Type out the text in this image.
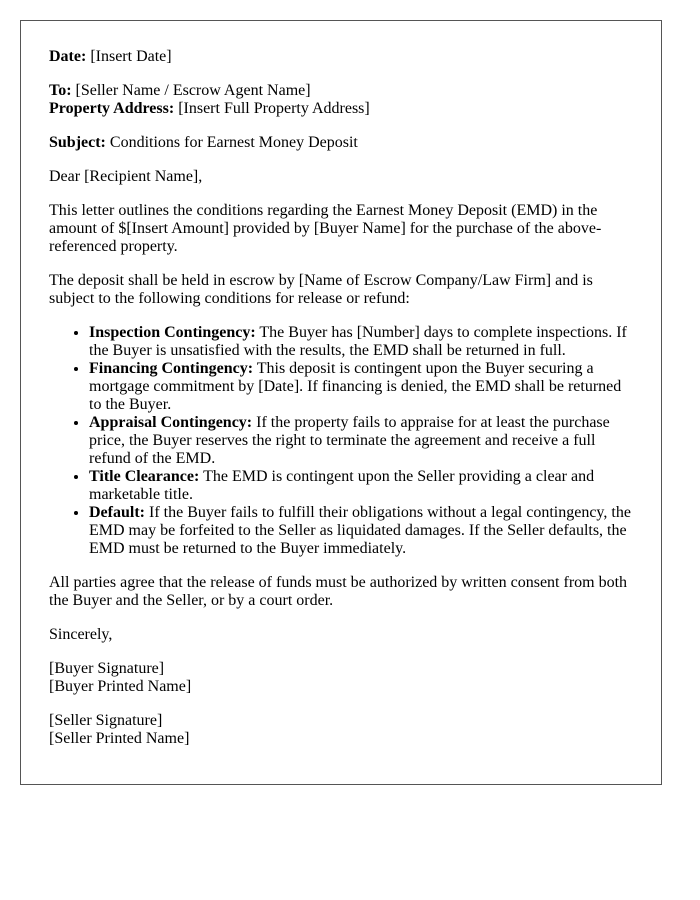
Date: [Insert Date]

To: [Seller Name / Escrow Agent Name]
Property Address: [Insert Full Property Address]

Subject: Conditions for Earnest Money Deposit

Dear [Recipient Name],

This letter outlines the conditions regarding the Earnest Money Deposit (EMD) in the amount of $[Insert Amount] provided by [Buyer Name] for the purchase of the above-referenced property.

The deposit shall be held in escrow by [Name of Escrow Company/Law Firm] and is subject to the following conditions for release or refund:

• Inspection Contingency: The Buyer has [Number] days to complete inspections. If the Buyer is unsatisfied with the results, the EMD shall be returned in full.
• Financing Contingency: This deposit is contingent upon the Buyer securing a mortgage commitment by [Date]. If financing is denied, the EMD shall be returned to the Buyer.
• Appraisal Contingency: If the property fails to appraise for at least the purchase price, the Buyer reserves the right to terminate the agreement and receive a full refund of the EMD.
• Title Clearance: The EMD is contingent upon the Seller providing a clear and marketable title.
• Default: If the Buyer fails to fulfill their obligations without a legal contingency, the EMD may be forfeited to the Seller as liquidated damages. If the Seller defaults, the EMD must be returned to the Buyer immediately.

All parties agree that the release of funds must be authorized by written consent from both the Buyer and the Seller, or by a court order.

Sincerely,

[Buyer Signature]
[Buyer Printed Name]

[Seller Signature]
[Seller Printed Name]
